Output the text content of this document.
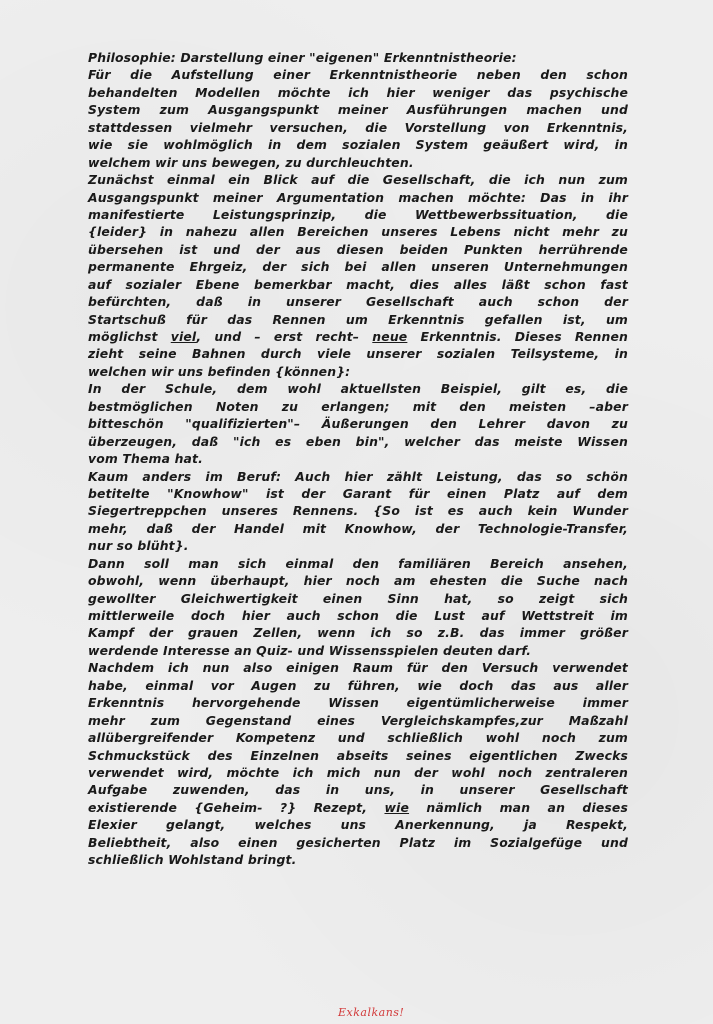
Philosophie: Darstellung einer "eigenen" Erkenntnistheorie:
Für die Aufstellung einer Erkenntnistheorie neben den schon
behandelten Modellen möchte ich hier weniger das psychische
System zum Ausgangspunkt meiner Ausführungen machen und
stattdessen vielmehr versuchen, die Vorstellung von Erkenntnis,
wie sie wohlmöglich in dem sozialen System geäußert wird, in
welchem wir uns bewegen, zu durchleuchten.
Zunächst einmal ein Blick auf die Gesellschaft, die ich nun zum
Ausgangspunkt meiner Argumentation machen möchte: Das in ihr
manifestierte Leistungsprinzip, die Wettbewerbssituation, die
{leider} in nahezu allen Bereichen unseres Lebens nicht mehr zu
übersehen ist und der aus diesen beiden Punkten herrührende
permanente Ehrgeiz, der sich bei allen unseren Unternehmungen
auf sozialer Ebene bemerkbar macht, dies alles läßt schon fast
befürchten, daß in unserer Gesellschaft auch schon der
Startschuß für das Rennen um Erkenntnis gefallen ist, um
möglichst viel, und – erst recht– neue Erkenntnis. Dieses Rennen
zieht seine Bahnen durch viele unserer sozialen Teilsysteme, in
welchen wir uns befinden {können}:
In der Schule, dem wohl aktuellsten Beispiel, gilt es, die
bestmöglichen Noten zu erlangen; mit den meisten –aber
bitteschön "qualifizierten"– Äußerungen den Lehrer davon zu
überzeugen, daß "ich es eben bin", welcher das meiste Wissen
vom Thema hat.
Kaum anders im Beruf: Auch hier zählt Leistung, das so schön
betitelte "Knowhow" ist der Garant für einen Platz auf dem
Siegertreppchen unseres Rennens. {So ist es auch kein Wunder
mehr, daß der Handel mit Knowhow, der Technologie-Transfer,
nur so blüht}.
Dann soll man sich einmal den familiären Bereich ansehen,
obwohl, wenn überhaupt, hier noch am ehesten die Suche nach
gewollter Gleichwertigkeit einen Sinn hat, so zeigt sich
mittlerweile doch hier auch schon die Lust auf Wettstreit im
Kampf der grauen Zellen, wenn ich so z.B. das immer größer
werdende Interesse an Quiz- und Wissensspielen deuten darf.
Nachdem ich nun also einigen Raum für den Versuch verwendet
habe, einmal vor Augen zu führen, wie doch das aus aller
Erkenntnis hervorgehende Wissen eigentümlicherweise immer
mehr zum Gegenstand eines Vergleichskampfes,zur Maßzahl
allübergreifender Kompetenz und schließlich wohl noch zum
Schmuckstück des Einzelnen abseits seines eigentlichen Zwecks
verwendet wird, möchte ich mich nun der wohl noch zentraleren
Aufgabe zuwenden, das in uns, in unserer Gesellschaft
existierende {Geheim- ?} Rezept, wie nämlich man an dieses
Elexier gelangt, welches uns Anerkennung, ja Respekt,
Beliebtheit, also einen gesicherten Platz im Sozialgefüge und
schließlich Wohlstand bringt.
Exkalkans!
